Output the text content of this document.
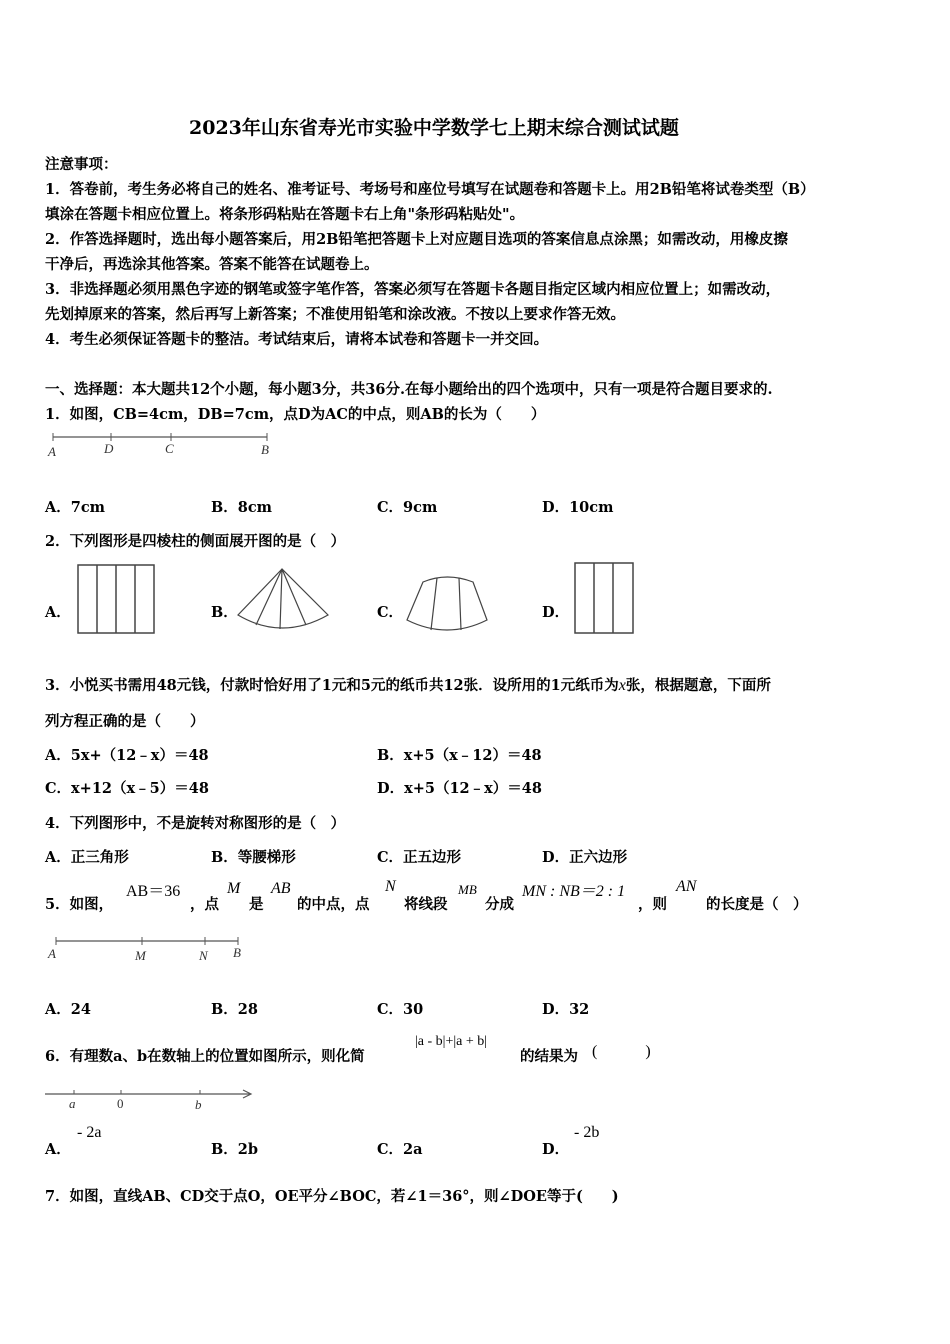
2023年山东省寿光市实验中学数学七上期末综合测试试题
注意事项：
1．答卷前，考生务必将自己的姓名、准考证号、考场号和座位号填写在试题卷和答题卡上。用2B铅笔将试卷类型（B）
填涂在答题卡相应位置上。将条形码粘贴在答题卡右上角"条形码粘贴处"。
2．作答选择题时，选出每小题答案后，用2B铅笔把答题卡上对应题目选项的答案信息点涂黑；如需改动，用橡皮擦
干净后，再选涂其他答案。答案不能答在试题卷上。
3．非选择题必须用黑色字迹的钢笔或签字笔作答，答案必须写在答题卡各题目指定区域内相应位置上；如需改动，
先划掉原来的答案，然后再写上新答案；不准使用铅笔和涂改液。不按以上要求作答无效。
4．考生必须保证答题卡的整洁。考试结束后，请将本试卷和答题卡一并交回。
一、选择题：本大题共12个小题，每小题3分，共36分.在每小题给出的四个选项中，只有一项是符合题目要求的.
1．如图，CB=4cm，DB=7cm，点D为AC的中点，则AB的长为（　　）
A	D	C	B
A．7cm	B．8cm	C．9cm	D．10cm
2．下列图形是四棱柱的侧面展开图的是（　）
A．	B．	C．	D．
3．小悦买书需用48元钱，付款时恰好用了1元和5元的纸币共12张．设所用的1元纸币为x张，根据题意，下面所
列方程正确的是（　　）
A．5x+（12﹣x）＝48	B．x+5（x﹣12）＝48
C．x+12（x﹣5）＝48	D．x+5（12﹣x）＝48
4．下列图形中，不是旋转对称图形的是（　）
A．正三角形	B．等腰梯形	C．正五边形	D．正六边形
5．如图，
AB＝36
，点
M
是
AB
的中点，点
N
将线段
MB
分成
MN : NB＝2 : 1
，则
AN
的长度是（　）
A	M	N B
A．24	B．28	C．30	D．32
6．有理数a、b在数轴上的位置如图所示，则化简
|a - b|+|a + b|
的结果为 (　　　)
a	0	b
A．
- 2a
B．2b	C．2a	D．
- 2b
7．如图，直线AB、CD交于点O，OE平分∠BOC，若∠1＝36°，则∠DOE等于(　　)
